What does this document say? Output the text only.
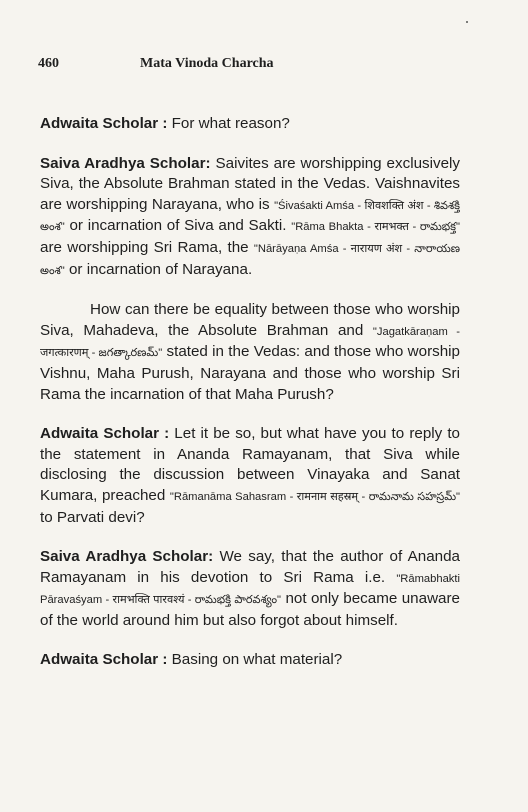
460	Mata Vinoda Charcha

Adwaita Scholar : For what reason?

Saiva Aradhya Scholar: Saivites are worshipping exclusively Siva, the Absolute Brahman stated in the Vedas. Vaishnavites are worshipping Narayana, who is "Śivaśakti Amśa - शिवशक्ति अंश - శివశక్తి అంశ" or incarnation of Siva and Sakti. "Rāma Bhakta - रामभक्त - రామభక్త" are worshipping Sri Rama, the "Nārāyaṇa Amśa - नारायण अंश - నారాయణ అంశ" or incarnation of Narayana.

How can there be equality between those who worship Siva, Mahadeva, the Absolute Brahman and "Jagatkāraṇam - जगत्कारणम् - జగత్కారణమ్" stated in the Vedas: and those who worship Vishnu, Maha Purush, Narayana and those who worship Sri Rama the incarnation of that Maha Purush?

Adwaita Scholar : Let it be so, but what have you to reply to the statement in Ananda Ramayanam, that Siva while disclosing the discussion between Vinayaka and Sanat Kumara, preached "Rāmanāma Sahasram - रामनाम सहस्रम् - రామనామ సహస్రమ్" to Parvati devi?

Saiva Aradhya Scholar: We say, that the author of Ananda Ramayanam in his devotion to Sri Rama i.e. "Rāmabhakti Pāravaśyam - रामभक्ति पारवश्यं - రామభక్తి పారవశ్యం" not only became unaware of the world around him but also forgot about himself.

Adwaita Scholar : Basing on what material?
